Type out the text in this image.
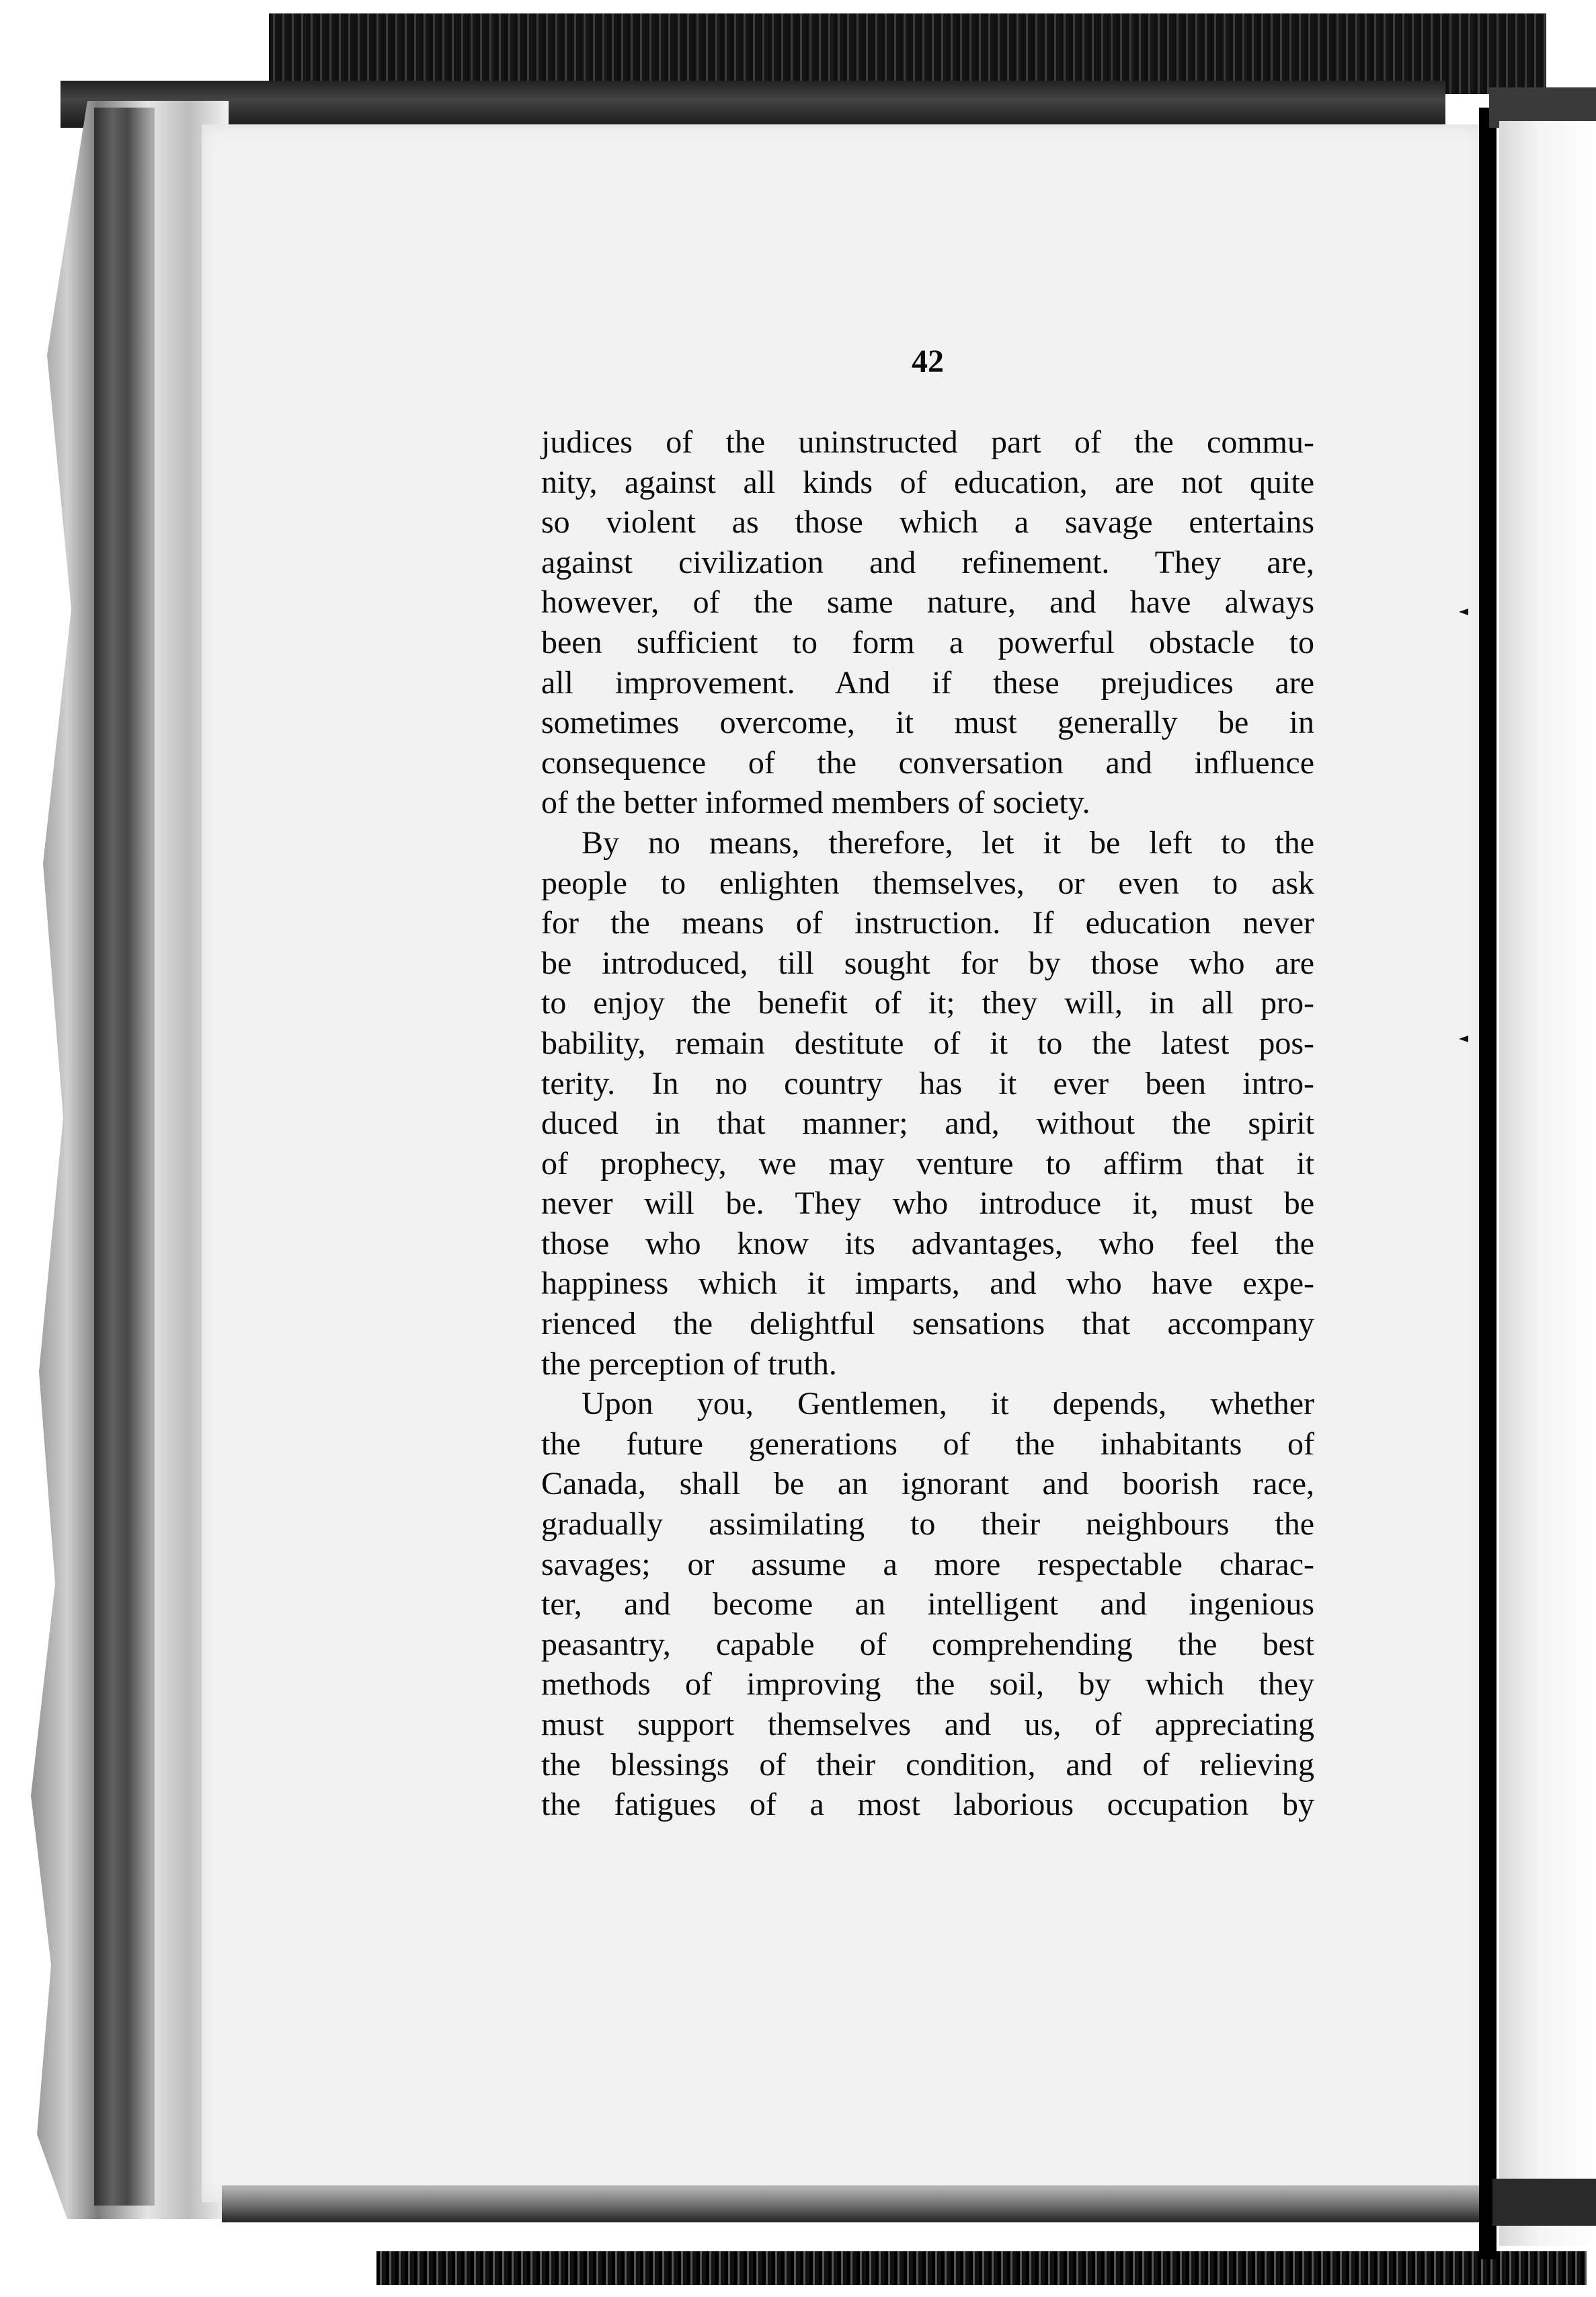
42
judices of the uninstructed part of the commu-
nity, against all kinds of education, are not quite
so violent as those which a savage entertains
against civilization and refinement. They are,
however, of the same nature, and have always
been sufficient to form a powerful obstacle to
all improvement. And if these prejudices are
sometimes overcome, it must generally be in
consequence of the conversation and influence
of the better informed members of society.
By no means, therefore, let it be left to the
people to enlighten themselves, or even to ask
for the means of instruction. If education never
be introduced, till sought for by those who are
to enjoy the benefit of it; they will, in all pro-
bability, remain destitute of it to the latest pos-
terity. In no country has it ever been intro-
duced in that manner; and, without the spirit
of prophecy, we may venture to affirm that it
never will be. They who introduce it, must be
those who know its advantages, who feel the
happiness which it imparts, and who have expe-
rienced the delightful sensations that accompany
the perception of truth.
Upon you, Gentlemen, it depends, whether
the future generations of the inhabitants of
Canada, shall be an ignorant and boorish race,
gradually assimilating to their neighbours the
savages; or assume a more respectable charac-
ter, and become an intelligent and ingenious
peasantry, capable of comprehending the best
methods of improving the soil, by which they
must support themselves and us, of appreciating
the blessings of their condition, and of relieving
the fatigues of a most laborious occupation by
